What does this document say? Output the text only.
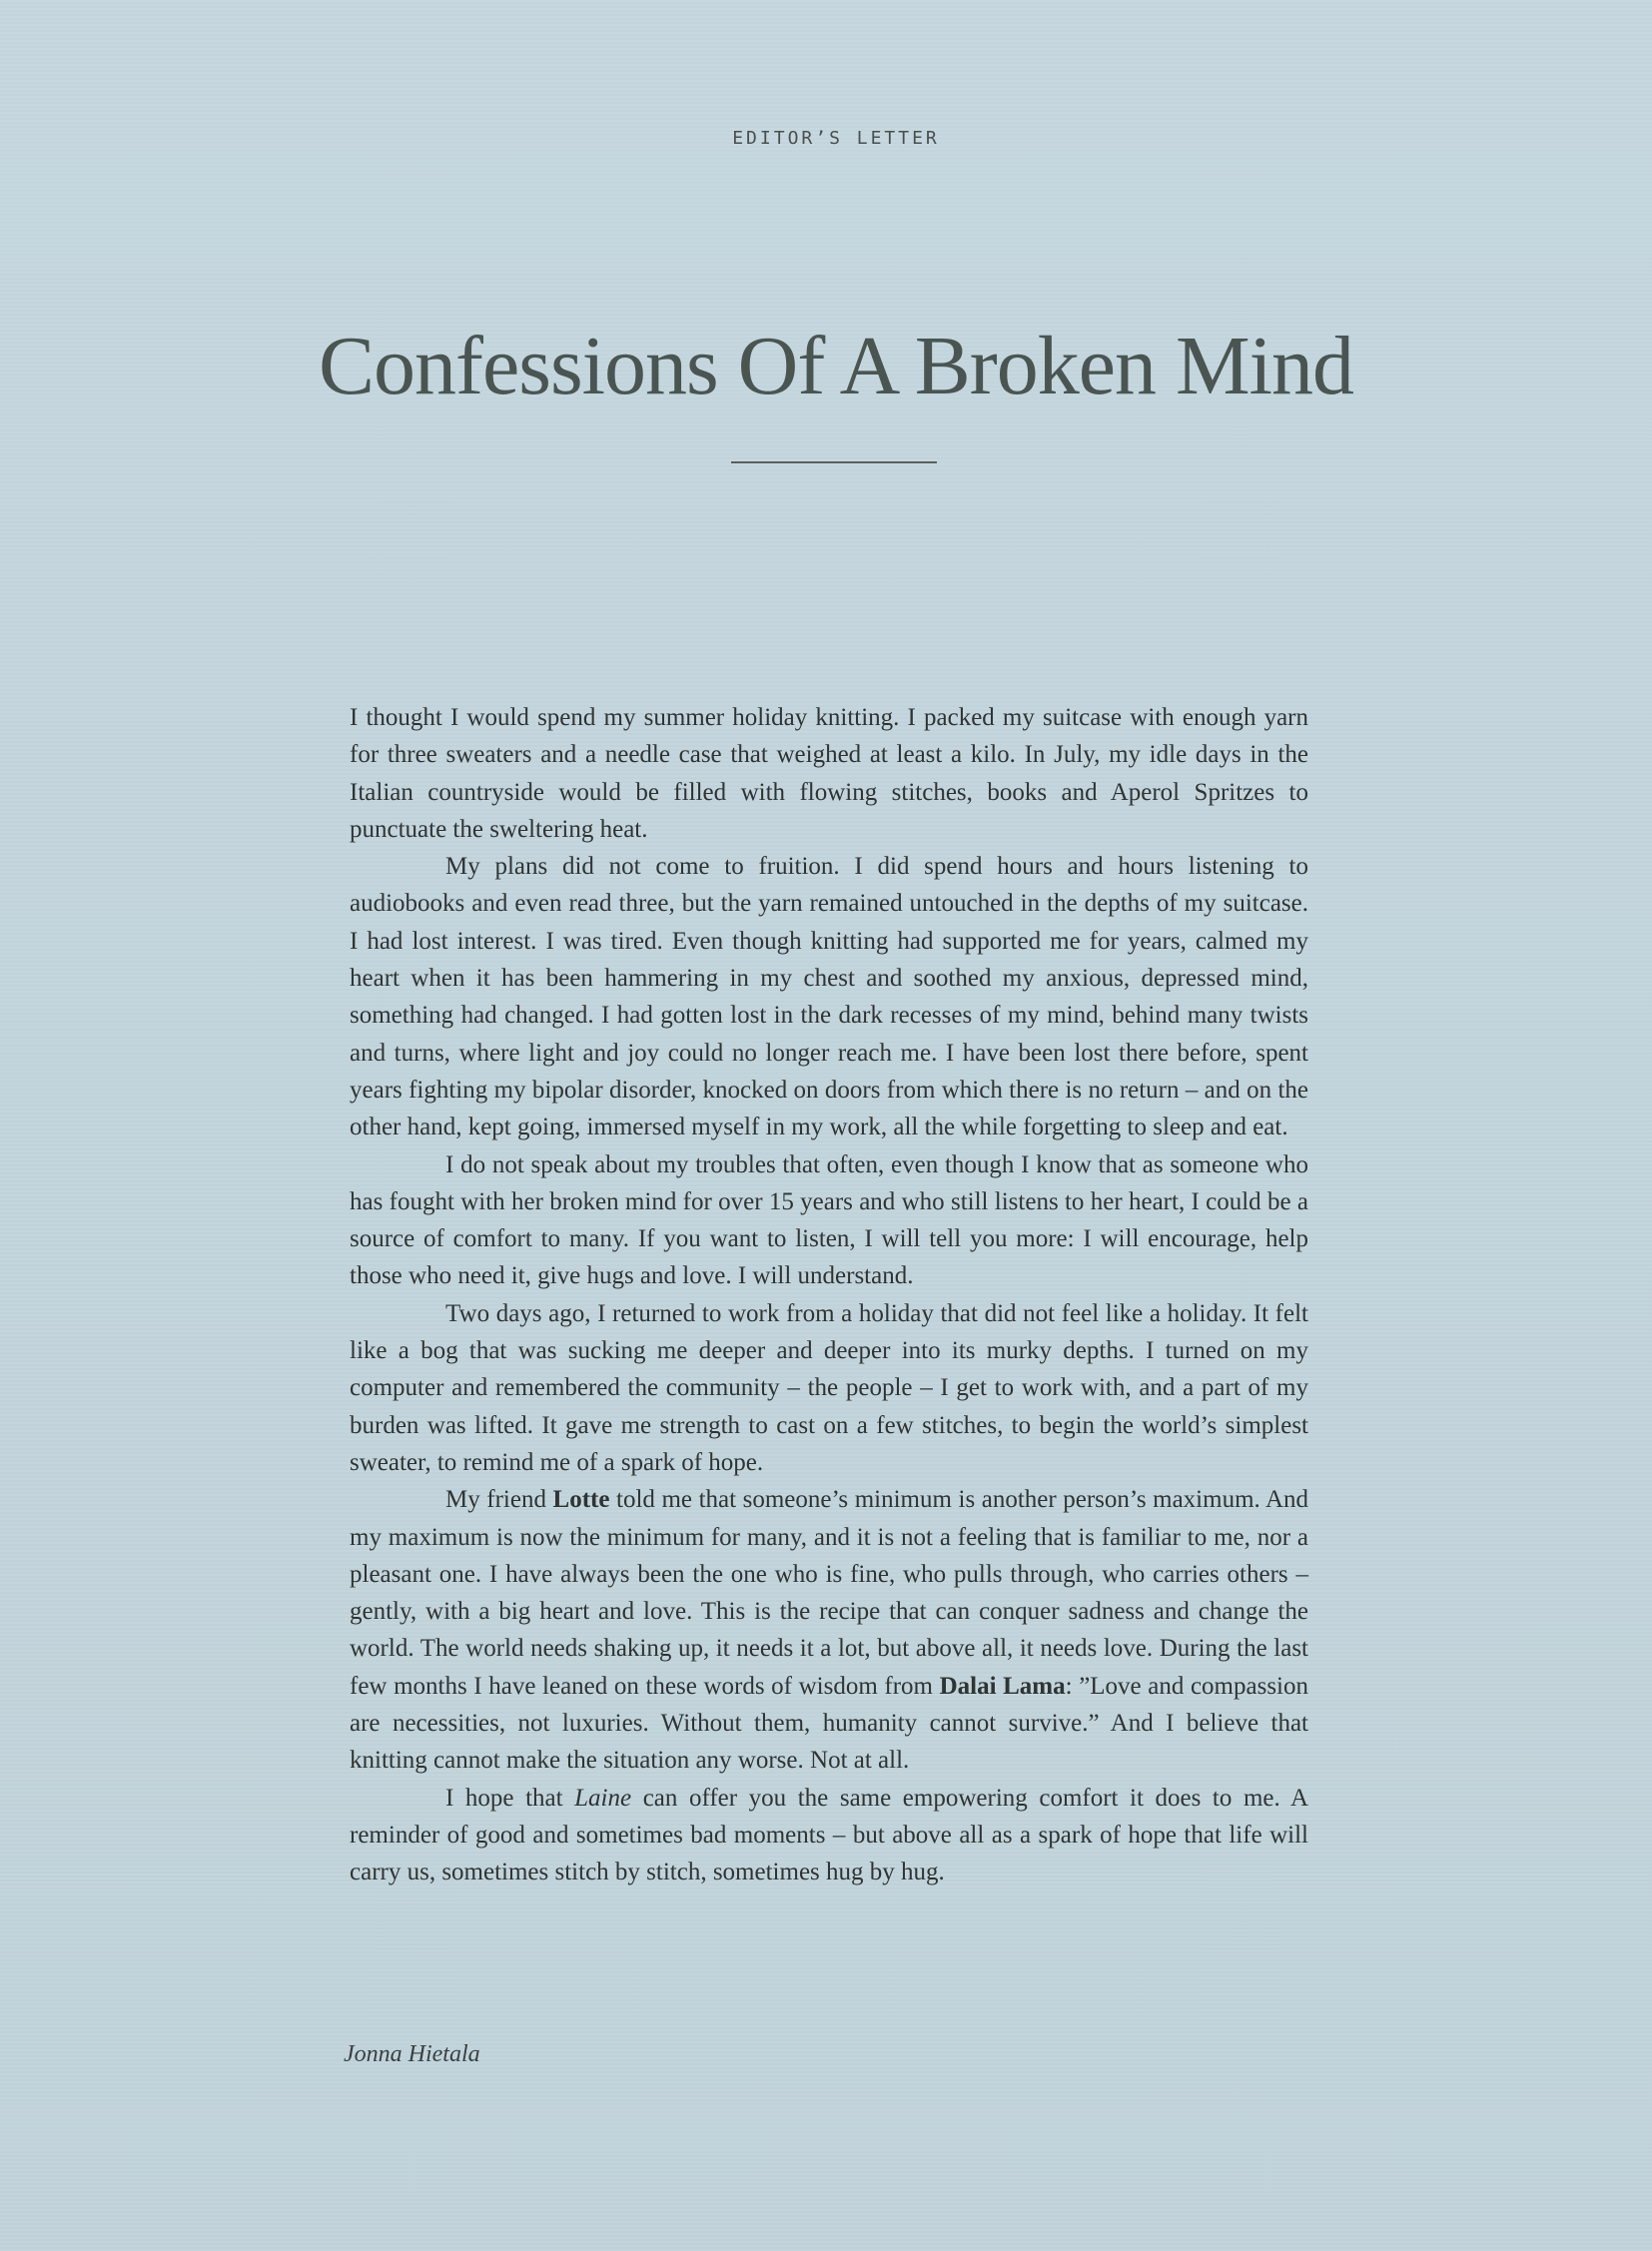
EDITOR’S LETTER
Confessions Of A Broken Mind

I thought I would spend my summer holiday knitting. I packed my suitcase with enough yarn for three sweaters and a needle case that weighed at least a kilo. In July, my idle days in the Italian countryside would be filled with flowing stitches, books and Aperol Spritzes to punctuate the sweltering heat.

My plans did not come to fruition. I did spend hours and hours listening to audiobooks and even read three, but the yarn remained untouched in the depths of my suitcase. I had lost interest. I was tired. Even though knitting had supported me for years, calmed my heart when it has been hammering in my chest and soothed my anxious, depressed mind, something had changed. I had gotten lost in the dark recesses of my mind, behind many twists and turns, where light and joy could no longer reach me. I have been lost there before, spent years fighting my bipolar disorder, knocked on doors from which there is no return – and on the other hand, kept going, immersed myself in my work, all the while forgetting to sleep and eat.

I do not speak about my troubles that often, even though I know that as someone who has fought with her broken mind for over 15 years and who still listens to her heart, I could be a source of comfort to many. If you want to listen, I will tell you more: I will encourage, help those who need it, give hugs and love. I will understand.

Two days ago, I returned to work from a holiday that did not feel like a holiday. It felt like a bog that was sucking me deeper and deeper into its murky depths. I turned on my computer and remembered the community – the people – I get to work with, and a part of my burden was lifted. It gave me strength to cast on a few stitches, to begin the world’s simplest sweater, to remind me of a spark of hope.

My friend Lotte told me that someone’s minimum is another person’s maximum. And my maximum is now the minimum for many, and it is not a feeling that is familiar to me, nor a pleasant one. I have always been the one who is fine, who pulls through, who carries others – gently, with a big heart and love. This is the recipe that can conquer sadness and change the world. The world needs shaking up, it needs it a lot, but above all, it needs love. During the last few months I have leaned on these words of wisdom from Dalai Lama: ”Love and compassion are necessities, not luxuries. Without them, humanity cannot survive.” And I believe that knitting cannot make the situation any worse. Not at all.

I hope that Laine can offer you the same empowering comfort it does to me. A reminder of good and sometimes bad moments – but above all as a spark of hope that life will carry us, sometimes stitch by stitch, sometimes hug by hug.

Jonna Hietala
